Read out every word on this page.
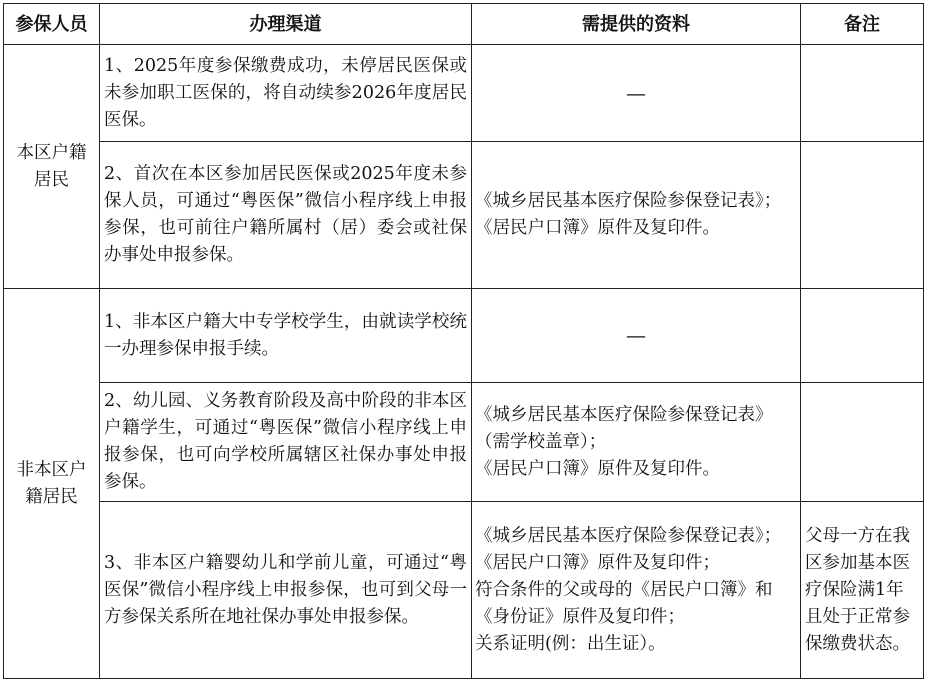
参保人员	办理渠道	需提供的资料	备注
本区户籍居民	1、2025年度参保缴费成功，未停居民医保或未参加职工医保的，将自动续参2026年度居民医保。	—	
	2、首次在本区参加居民医保或2025年度未参保人员，可通过“粤医保”微信小程序线上申报参保，也可前往户籍所属村（居）委会或社保办事处申报参保。	《城乡居民基本医疗保险参保登记表》；
《居民户口簿》原件及复印件。	

非本区户籍居民	1、非本区户籍大中专学校学生，由就读学校统一办理参保申报手续。	—	
	2、幼儿园、义务教育阶段及高中阶段的非本区户籍学生，可通过“粤医保”微信小程序线上申报参保，也可向学校所属辖区社保办事处申报参保。	《城乡居民基本医疗保险参保登记表》（需学校盖章）；
《居民户口簿》原件及复印件。	

	3、非本区户籍婴幼儿和学前儿童，可通过“粤医保”微信小程序线上申报参保，也可到父母一方参保关系所在地社保办事处申报参保。	《城乡居民基本医疗保险参保登记表》；
《居民户口簿》原件及复印件；
符合条件的父或母的《居民户口簿》和《身份证》原件及复印件；
关系证明(例：出生证）。	父母一方在我区参加基本医疗保险满1年且处于正常参保缴费状态。
